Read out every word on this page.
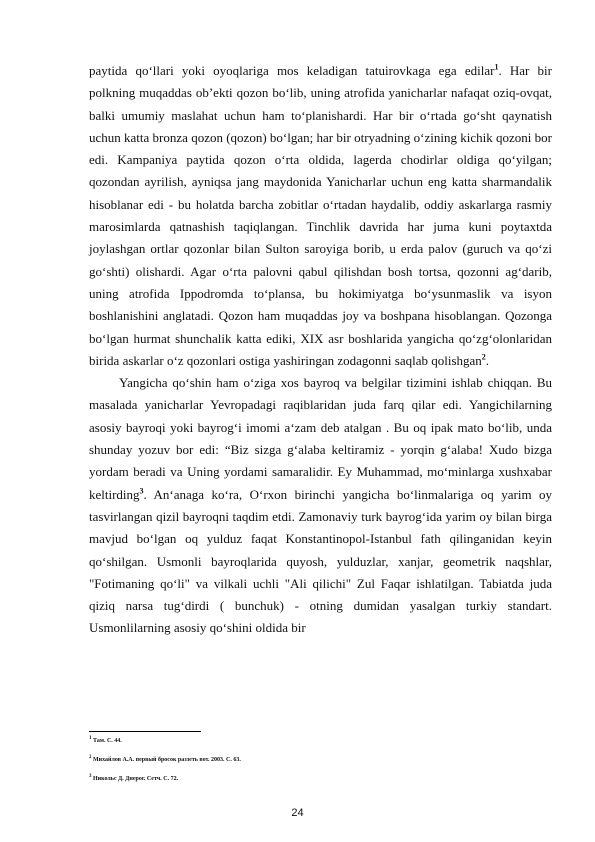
paytida qo‘llari yoki oyoqlariga mos keladigan tatuirovkaga ega edilar$^1$. Har bir polkning muqaddas ob’ekti qozon bo‘lib, uning atrofida yanicharlar nafaqat oziq-ovqat, balki umumiy maslahat uchun ham to‘planishardi. Har bir o‘rtada go‘sht qaynatish uchun katta bronza qozon (qozon) bo‘lgan; har bir otryadning o‘zining kichik qozoni bor edi. Kampaniya paytida qozon o‘rta oldida, lagerda chodirlar oldiga qo‘yilgan; qozondan ayrilish, ayniqsa jang maydonida Yanicharlar uchun eng katta sharmandalik hisoblanar edi - bu holatda barcha zobitlar o‘rtadan haydalib, oddiy askarlarga rasmiy marosimlarda qatnashish taqiqlangan. Tinchlik davrida har juma kuni poytaxtda joylashgan ortlar qozonlar bilan Sulton saroyiga borib, u erda palov (guruch va qo‘zi go‘shti) olishardi. Agar o‘rta palovni qabul qilishdan bosh tortsa, qozonni ag‘darib, uning atrofida Ippodromda to‘plansa, bu hokimiyatga bo‘ysunmaslik va isyon boshlanishini anglatadi. Qozon ham muqaddas joy va boshpana hisoblangan. Qozonga bo‘lgan hurmat shunchalik katta ediki, XIX asr boshlarida yangicha qo‘zg‘olonlaridan birida askarlar o‘z qozonlari ostiga yashiringan zodagonni saqlab qolishgan$^2$.

Yangicha qo‘shin ham o‘ziga xos bayroq va belgilar tizimini ishlab chiqqan. Bu masalada yanicharlar Yevropadagi raqiblaridan juda farq qilar edi. Yangichilarning asosiy bayroqi yoki bayrog‘i imomi a‘zam deb atalgan . Bu oq ipak mato bo‘lib, unda shunday yozuv bor edi: “Biz sizga g‘alaba keltiramiz - yorqin g‘alaba! Xudo bizga yordam beradi va Uning yordami samaralidir. Ey Muhammad, mo‘minlarga xushxabar keltirding$^3$. An‘anaga ko‘ra, O‘rxon birinchi yangicha bo‘linmalariga oq yarim oy tasvirlangan qizil bayroqni taqdim etdi. Zamonaviy turk bayrog‘ida yarim oy bilan birga mavjud bo‘lgan oq yulduz faqat Konstantinopol-Istanbul fath qilinganidan keyin qo‘shilgan. Usmonli bayroqlarida quyosh, yulduzlar, xanjar, geometrik naqshlar, "Fotimaning qo‘li" va vilkali uchli "Ali qilichi" Zul Faqar ishlatilgan. Tabiatda juda qiziq narsa tug‘dirdi ( bunchuk) - otning dumidan yasalgan turkiy standart. Usmonlilarning asosiy qo‘shini oldida bir

$^1$ Там. С. 44.
$^2$ Михайлов А.А. первый бросок раззеть вот. 2003. С. 63.
$^3$ Никольс Д. Днерог. Сетч. С. 72.
24
